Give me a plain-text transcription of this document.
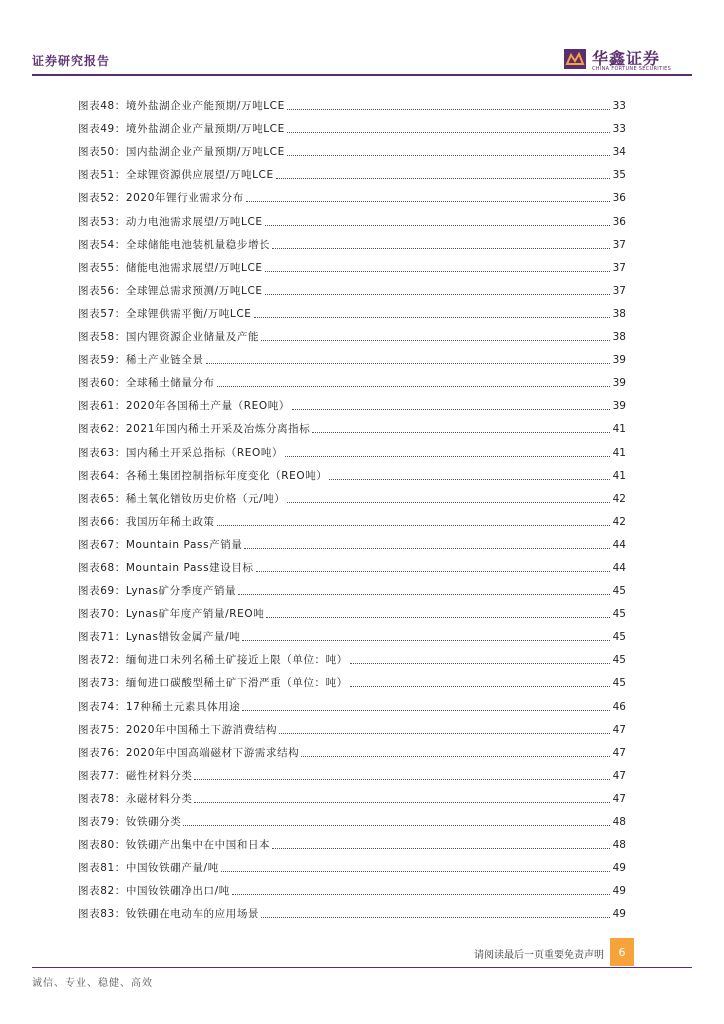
证券研究报告	华鑫证券
CHINA FORTUNE SECURITIES
图表48：境外盐湖企业产能预期/万吨LCE	33
图表49：境外盐湖企业产量预期/万吨LCE	33
图表50：国内盐湖企业产量预期/万吨LCE	34
图表51：全球锂资源供应展望/万吨LCE	35
图表52：2020年锂行业需求分布	36
图表53：动力电池需求展望/万吨LCE	36
图表54：全球储能电池装机量稳步增长	37
图表55：储能电池需求展望/万吨LCE	37
图表56：全球锂总需求预测/万吨LCE	37
图表57：全球锂供需平衡/万吨LCE	38
图表58：国内锂资源企业储量及产能	38
图表59：稀土产业链全景	39
图表60：全球稀土储量分布	39
图表61：2020年各国稀土产量（REO吨）	39
图表62：2021年国内稀土开采及冶炼分离指标	41
图表63：国内稀土开采总指标（REO吨）	41
图表64：各稀土集团控制指标年度变化（REO吨）	41
图表65：稀土氧化镨钕历史价格（元/吨）	42
图表66：我国历年稀土政策	42
图表67：Mountain Pass产销量	44
图表68：Mountain Pass建设目标	44
图表69：Lynas矿分季度产销量	45
图表70：Lynas矿年度产销量/REO吨	45
图表71：Lynas镨钕金属产量/吨	45
图表72：缅甸进口未列名稀土矿接近上限（单位：吨）	45
图表73：缅甸进口碳酸型稀土矿下滑严重（单位：吨）	45
图表74：17种稀土元素具体用途	46
图表75：2020年中国稀土下游消费结构	47
图表76：2020年中国高端磁材下游需求结构	47
图表77：磁性材料分类	47
图表78：永磁材料分类	47
图表79：钕铁硼分类	48
图表80：钕铁硼产出集中在中国和日本	48
图表81：中国钕铁硼产量/吨	49
图表82：中国钕铁硼净出口/吨	49
图表83：钕铁硼在电动车的应用场景	49
请阅读最后一页重要免责声明	6
诚信、专业、稳健、高效
